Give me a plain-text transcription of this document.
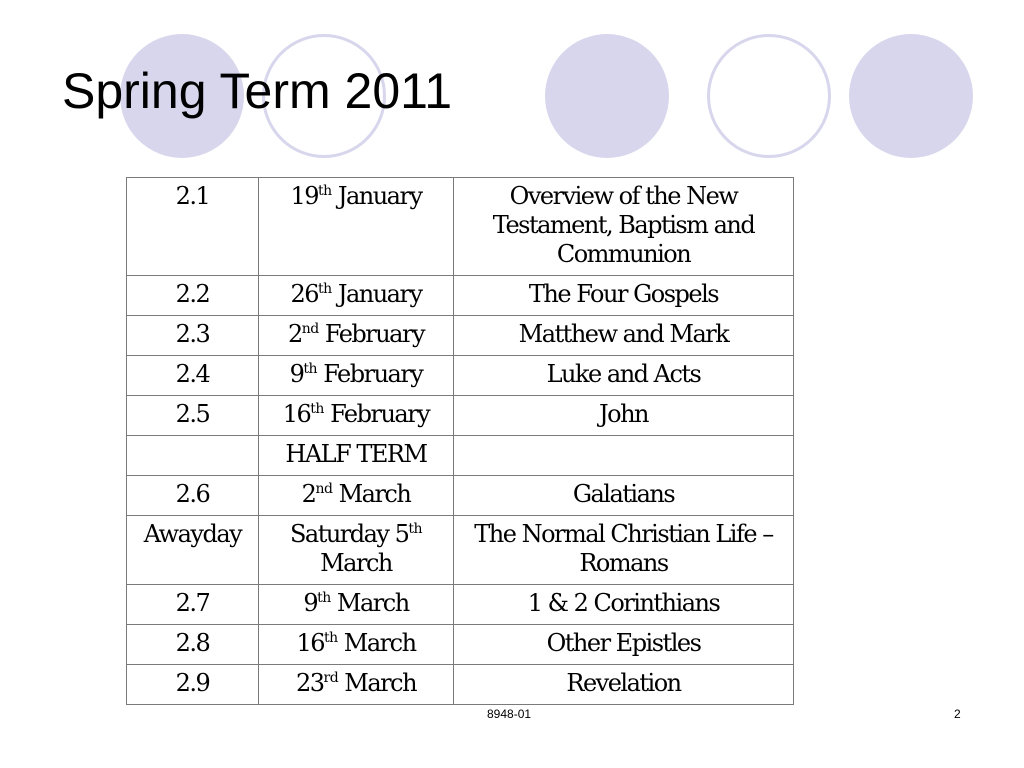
Spring Term 2011
2.1	19th January	Overview of the New Testament, Baptism and Communion
2.2	26th January	The Four Gospels
2.3	2nd February	Matthew and Mark
2.4	9th February	Luke and Acts
2.5	16th February	John
	HALF TERM	
2.6	2nd March	Galatians
Awayday	Saturday 5th March	The Normal Christian Life – Romans
2.7	9th March	1 & 2 Corinthians
2.8	16th March	Other Epistles
2.9	23rd March	Revelation
8948-01	2
